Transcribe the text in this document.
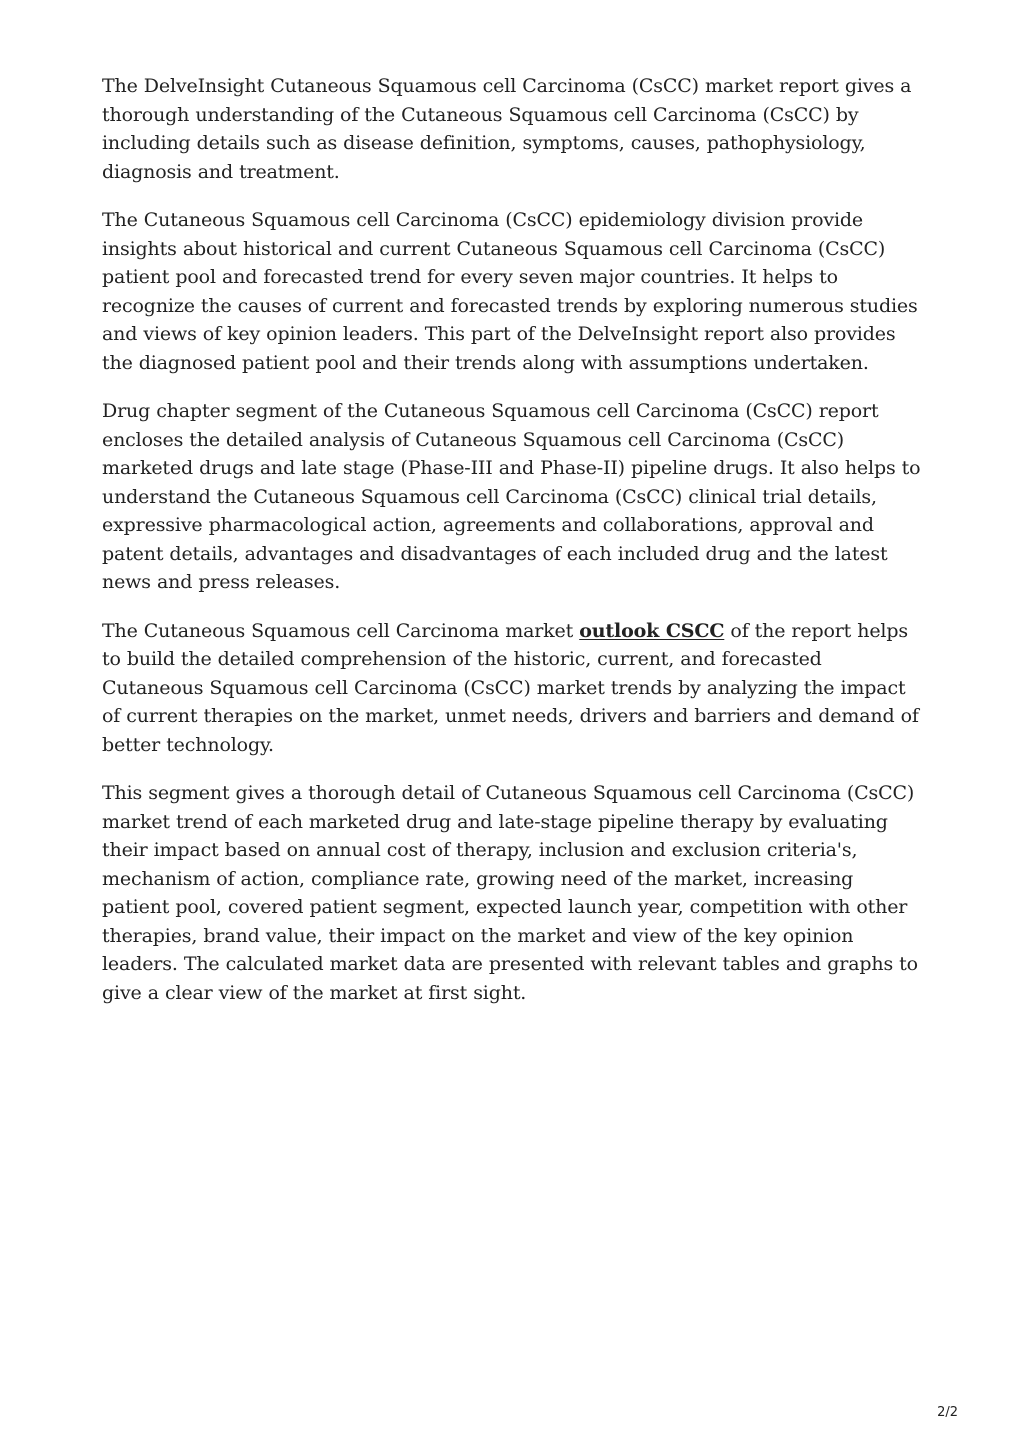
The DelveInsight Cutaneous Squamous cell Carcinoma (CsCC) market report gives a thorough understanding of the Cutaneous Squamous cell Carcinoma (CsCC) by including details such as disease definition, symptoms, causes, pathophysiology, diagnosis and treatment.

The Cutaneous Squamous cell Carcinoma (CsCC) epidemiology division provide insights about historical and current Cutaneous Squamous cell Carcinoma (CsCC) patient pool and forecasted trend for every seven major countries. It helps to recognize the causes of current and forecasted trends by exploring numerous studies and views of key opinion leaders. This part of the DelveInsight report also provides the diagnosed patient pool and their trends along with assumptions undertaken.

Drug chapter segment of the Cutaneous Squamous cell Carcinoma (CsCC) report encloses the detailed analysis of Cutaneous Squamous cell Carcinoma (CsCC) marketed drugs and late stage (Phase-III and Phase-II) pipeline drugs. It also helps to understand the Cutaneous Squamous cell Carcinoma (CsCC) clinical trial details, expressive pharmacological action, agreements and collaborations, approval and patent details, advantages and disadvantages of each included drug and the latest news and press releases.

The Cutaneous Squamous cell Carcinoma market outlook CSCC of the report helps to build the detailed comprehension of the historic, current, and forecasted Cutaneous Squamous cell Carcinoma (CsCC) market trends by analyzing the impact of current therapies on the market, unmet needs, drivers and barriers and demand of better technology.

This segment gives a thorough detail of Cutaneous Squamous cell Carcinoma (CsCC) market trend of each marketed drug and late-stage pipeline therapy by evaluating their impact based on annual cost of therapy, inclusion and exclusion criteria's, mechanism of action, compliance rate, growing need of the market, increasing patient pool, covered patient segment, expected launch year, competition with other therapies, brand value, their impact on the market and view of the key opinion leaders. The calculated market data are presented with relevant tables and graphs to give a clear view of the market at first sight.

2/2
